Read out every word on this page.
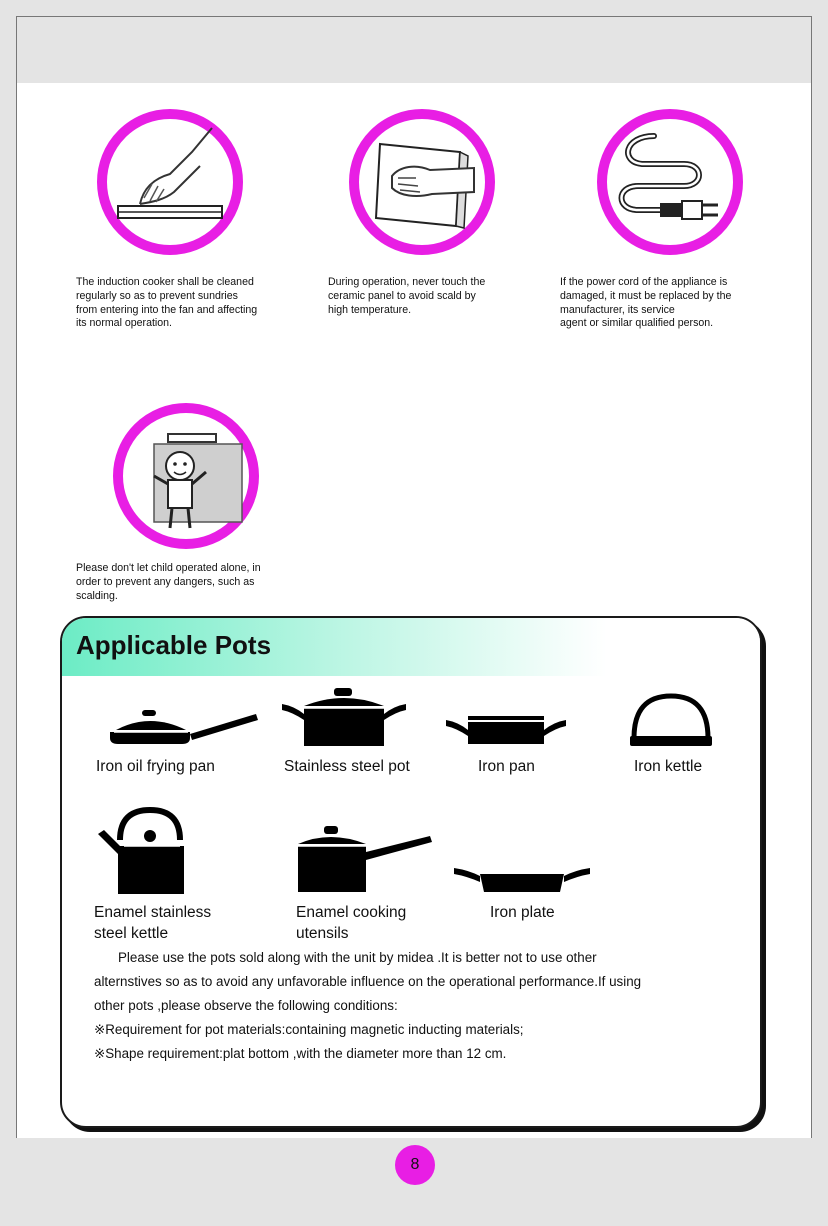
The induction cooker shall be cleaned
regularly so as to prevent sundries
from entering into the fan and affecting
its normal operation.
During operation, never touch the
ceramic panel to avoid scald by
high temperature.
If the power cord of the appliance is
damaged, it must be replaced by the
manufacturer, its service
agent or similar qualified person.
Please don't let child operated alone, in
order to prevent any dangers, such as
scalding.
Applicable Pots
Iron oil frying pan	Stainless steel pot	Iron pan	Iron kettle
Enamel stainless
steel kettle
Enamel cooking
utensils
Iron plate

Please use the pots sold along with the unit by midea .It is better not to use other alternstives so as to avoid any unfavorable influence on the operational performance.If using other pots ,please observe the following conditions:

※Requirement for pot materials:containing magnetic inducting materials;

※Shape requirement:plat bottom ,with the diameter more than 12 cm.

8
